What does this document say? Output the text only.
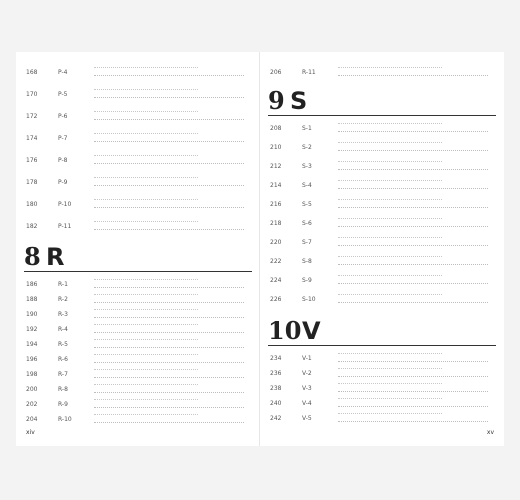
168	P-4
170	P-5
172	P-6
174	P-7
176	P-8
178	P-9
180	P-10
182	P-11
8 R
186	R-1
188	R-2
190	R-3
192	R-4
194	R-5
196	R-6
198	R-7
200	R-8
202	R-9
204	R-10
xiv
206	R-11
9 S
208	S-1
210	S-2
212	S-3
214	S-4
216	S-5
218	S-6
220	S-7
222	S-8
224	S-9
226	S-10
10 V
234	V-1
236	V-2
238	V-3
240	V-4
242	V-5
xv
